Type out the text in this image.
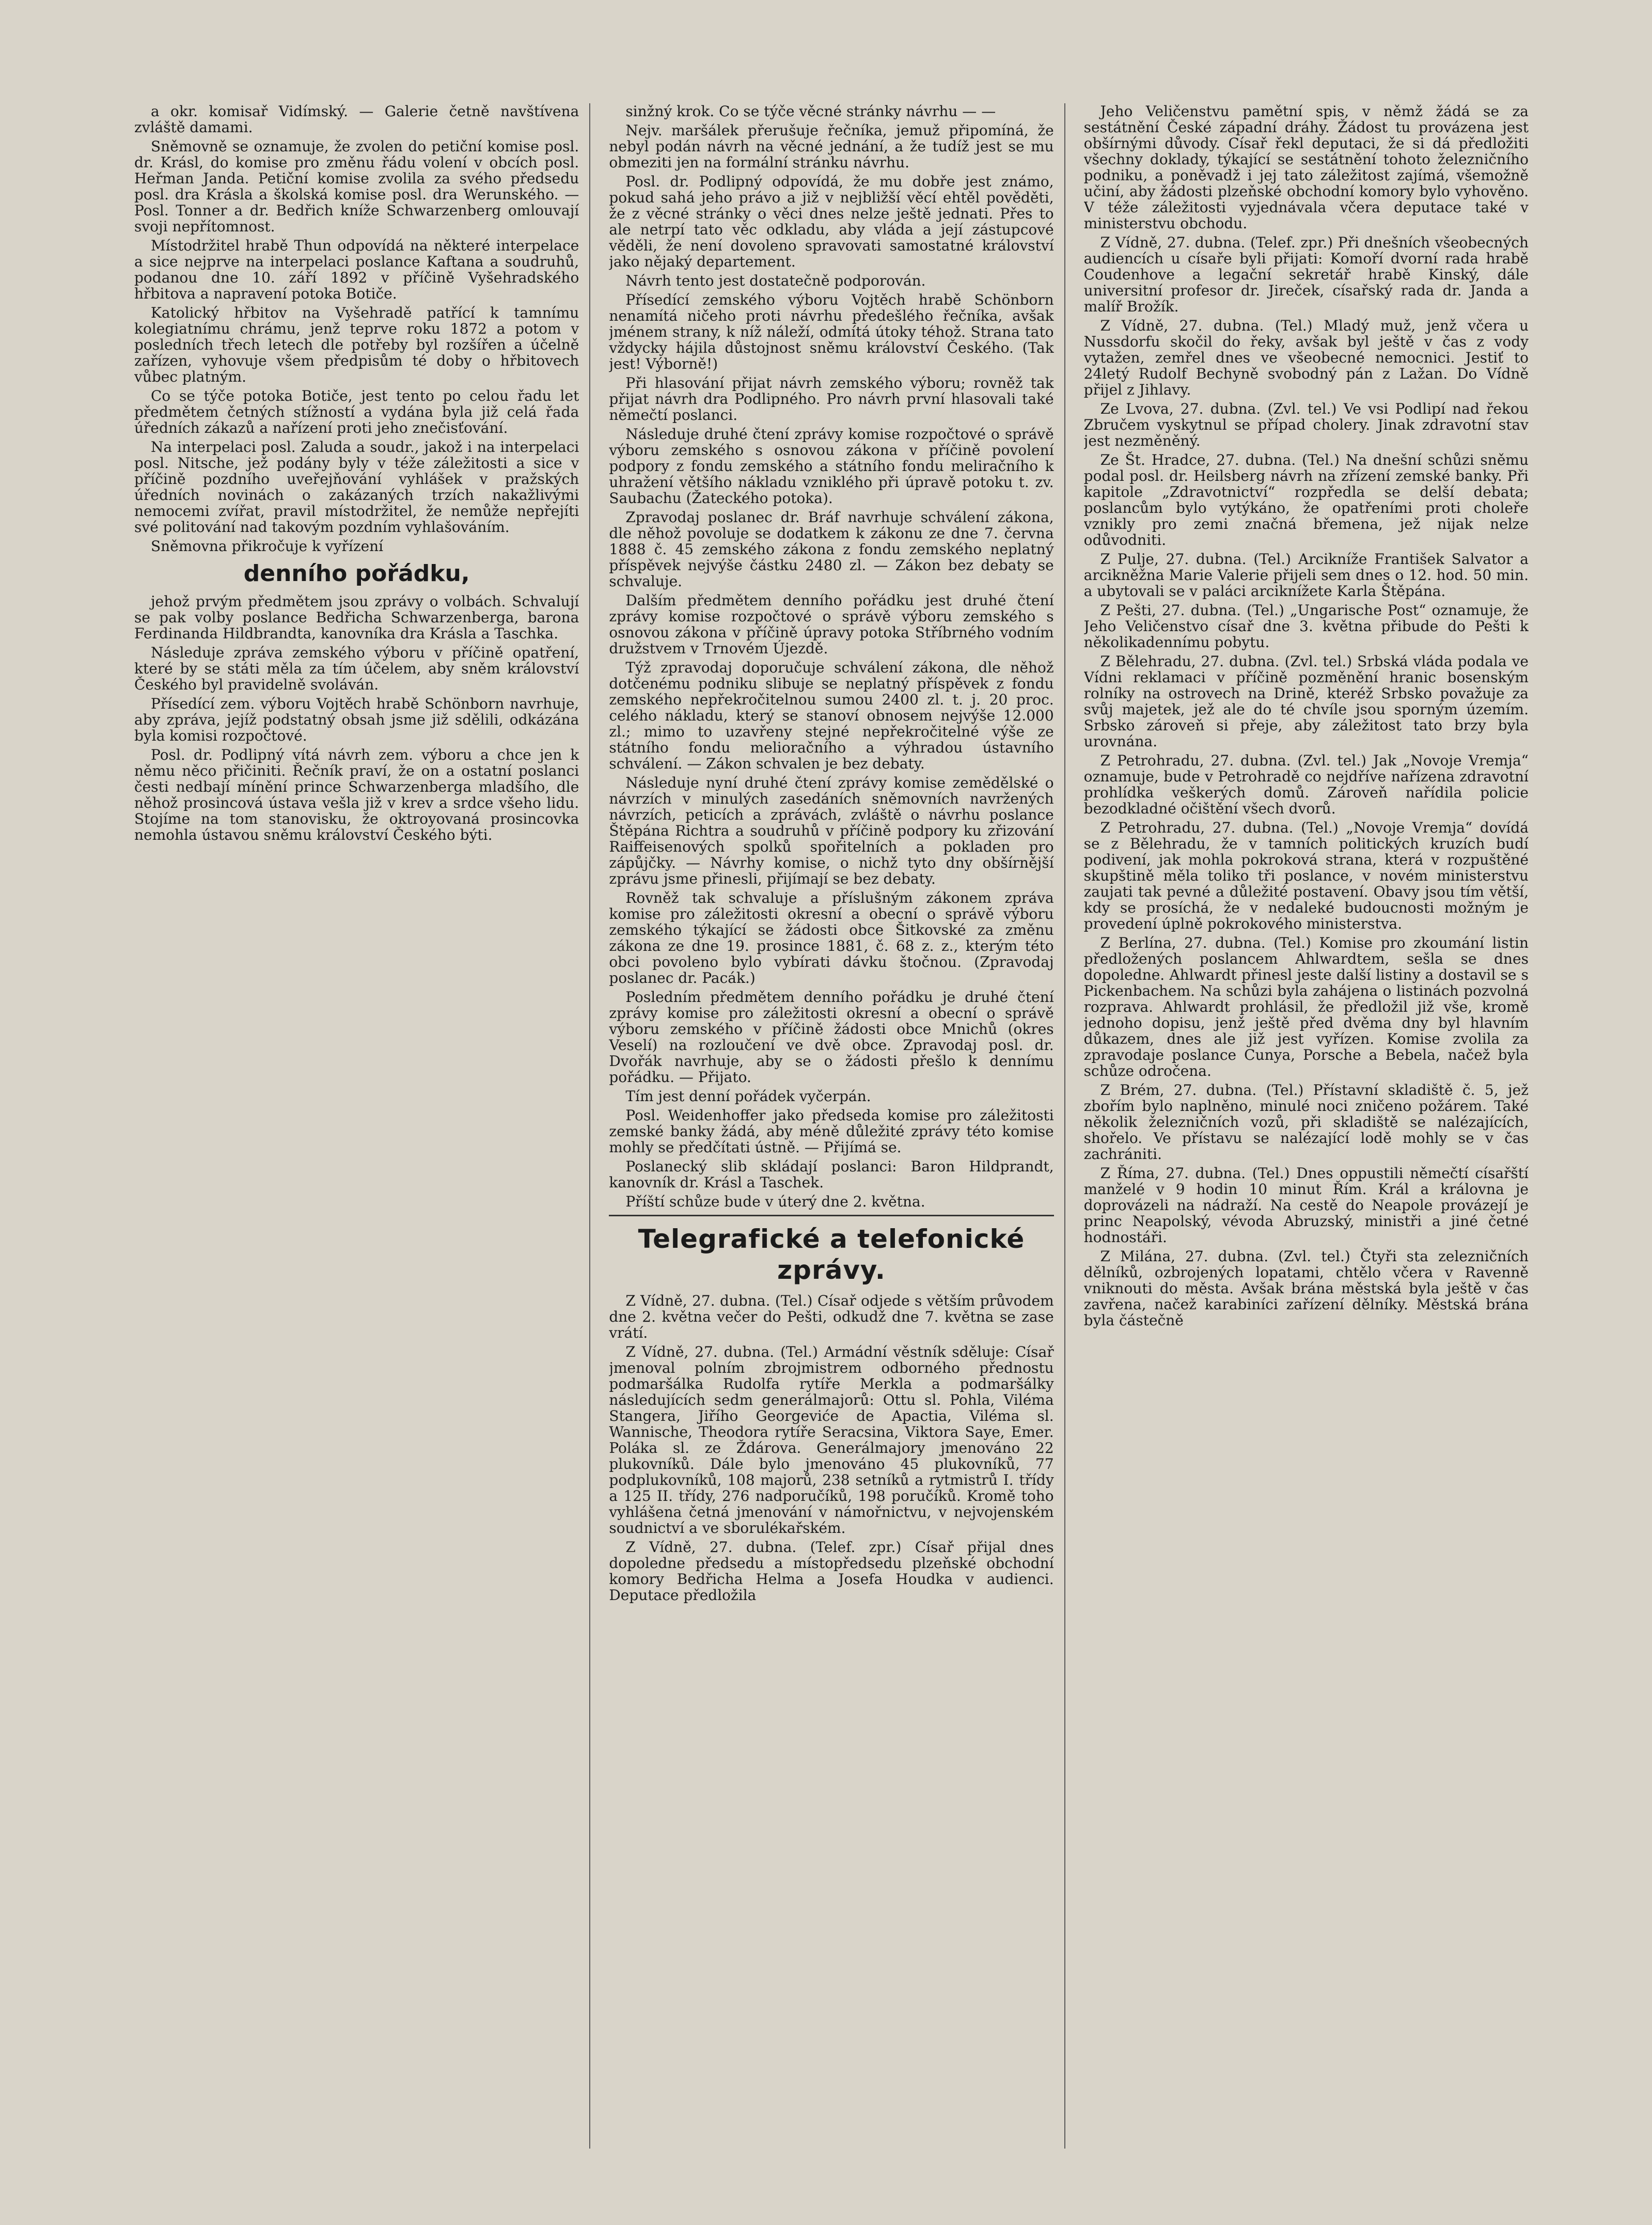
a okr. komisař Vidímský. — Galerie četně navštívena zvláště damami.

Sněmovně se oznamuje, že zvolen do petiční komise posl. dr. Krásl, do komise pro změnu řádu volení v obcích posl. Heřman Janda. Petiční komise zvolila za svého předsedu posl. dra Krásla a školská komise posl. dra Werunského. — Posl. Tonner a dr. Bedřich kníže Schwarzenberg omlouvají svoji nepřítomnost.

Místodržitel hrabě Thun odpovídá na některé interpelace a sice nejprve na interpelaci poslance Kaftana a soudruhů, podanou dne 10. září 1892 v příčině Vyšehradského hřbitova a napravení potoka Botiče.

Katolický hřbitov na Vyšehradě patřící k tamnímu kolegiatnímu chrámu, jenž teprve roku 1872 a potom v posledních třech letech dle potřeby byl rozšířen a účelně zařízen, vyhovuje všem předpisům té doby o hřbitovech vůbec platným.

Co se týče potoka Botiče, jest tento po celou řadu let předmětem četných stížností a vydána byla již celá řada úředních zákazů a nařízení proti jeho znečisťování.

Na interpelaci posl. Zaluda a soudr., jakož i na interpelaci posl. Nitsche, jež podány byly v téže záležitosti a sice v příčině pozdního uveřejňování vyhlášek v pražských úředních novinách o zakázaných trzích nakažlivými nemocemi zvířat, pravil místodržitel, že nemůže nepřejíti své politování nad takovým pozdním vyhlašováním.

Sněmovna přikročuje k vyřízení

denního pořádku,

jehož prvým předmětem jsou zprávy o volbách. Schvalují se pak volby poslance Bedřicha Schwarzenberga, barona Ferdinanda Hildbrandta, kanovníka dra Krásla a Taschka.

Následuje zpráva zemského výboru v příčině opatření, které by se státi měla za tím účelem, aby sněm království Českého byl pravidelně svoláván.

Přísedící zem. výboru Vojtěch hrabě Schönborn navrhuje, aby zpráva, jejíž podstatný obsah jsme již sdělili, odkázána byla komisi rozpočtové.

Posl. dr. Podlipný vítá návrh zem. výboru a chce jen k němu něco přičiniti. Řečník praví, že on a ostatní poslanci česti nedbají mínění prince Schwarzenberga mladšího, dle něhož prosincová ústava vešla již v krev a srdce všeho lidu. Stojíme na tom stanovisku, že oktroyovaná prosincovka nemohla ústavou sněmu království Českého býti.

sinžný krok. Co se týče věcné stránky návrhu — —

Nejv. maršálek přerušuje řečníka, jemuž připomíná, že nebyl podán návrh na věcné jednání, a že tudíž jest se mu obmeziti jen na formální stránku návrhu.

Posl. dr. Podlipný odpovídá, že mu dobře jest známo, pokud sahá jeho právo a již v nejbližší věcí ehtěl pověděti, že z věcné stránky o věci dnes nelze ještě jednati. Přes to ale netrpí tato věc odkladu, aby vláda a její zástupcové věděli, že není dovoleno spravovati samostatné království jako nějaký departement.

Návrh tento jest dostatečně podporován.

Přísedící zemského výboru Vojtěch hrabě Schönborn nenamítá ničeho proti návrhu předešlého řečníka, avšak jménem strany, k níž náleží, odmítá útoky téhož. Strana tato vždycky hájila důstojnost sněmu království Českého. (Tak jest! Výborně!)

Při hlasování přijat návrh zemského výboru; rovněž tak přijat návrh dra Podlipného. Pro návrh první hlasovali také němečtí poslanci.

Následuje druhé čtení zprávy komise rozpočtové o správě výboru zemského s osnovou zákona v příčině povolení podpory z fondu zemského a státního fondu meliračního k uhražení většího nákladu vzniklého při úpravě potoku t. zv. Saubachu (Žateckého potoka).

Zpravodaj poslanec dr. Bráf navrhuje schválení zákona, dle něhož povoluje se dodatkem k zákonu ze dne 7. června 1888 č. 45 zemského zákona z fondu zemského neplatný příspěvek nejvýše částku 2480 zl. — Zákon bez debaty se schvaluje.

Dalším předmětem denního pořádku jest druhé čtení zprávy komise rozpočtové o správě výboru zemského s osnovou zákona v příčině úpravy potoka Stříbrného vodním družstvem v Trnovém Újezdě.

Týž zpravodaj doporučuje schválení zákona, dle něhož dotčenému podniku slibuje se neplatný příspěvek z fondu zemského nepřekročitelnou sumou 2400 zl. t. j. 20 proc. celého nákladu, který se stanoví obnosem nejvýše 12.000 zl.; mimo to uzavřeny stejné nepřekročitelné výše ze státního fondu melioračního a výhradou ústavního schválení. — Zákon schvalen je bez debaty.

Následuje nyní druhé čtení zprávy komise zemědělské o návrzích v minulých zasedáních sněmovních navržených návrzích, peticích a zprávách, zvláště o návrhu poslance Štěpána Richtra a soudruhů v příčině podpory ku zřizování Raiffeisenových spolků spořitelních a pokladen pro zápůjčky. — Návrhy komise, o nichž tyto dny obšírnější zprávu jsme přinesli, přijímají se bez debaty.

Rovněž tak schvaluje a příslušným zákonem zpráva komise pro záležitosti okresní a obecní o správě výboru zemského týkající se žádosti obce Šitkovské za změnu zákona ze dne 19. prosince 1881, č. 68 z. z., kterým této obci povoleno bylo vybírati dávku štočnou. (Zpravodaj poslanec dr. Pacák.)

Posledním předmětem denního pořádku je druhé čtení zprávy komise pro záležitosti okresní a obecní o správě výboru zemského v příčině žádosti obce Mnichů (okres Veselí) na rozloučení ve dvě obce. Zpravodaj posl. dr. Dvořák navrhuje, aby se o žádosti přešlo k dennímu pořádku. — Přijato.

Tím jest denní pořádek vyčerpán.

Posl. Weidenhoffer jako předseda komise pro záležitosti zemské banky žádá, aby méně důležité zprávy této komise mohly se předčítati ústně. — Přijímá se.

Poslanecký slib skládají poslanci: Baron Hildprandt, kanovník dr. Krásl a Taschek.

Příští schůze bude v úterý dne 2. května.

Telegrafické a telefonické zprávy.

Z Vídně, 27. dubna. (Tel.) Císař odjede s větším průvodem dne 2. května večer do Pešti, odkudž dne 7. května se zase vrátí.

Z Vídně, 27. dubna. (Tel.) Armádní věstník sděluje: Císař jmenoval polním zbrojmistrem odborného přednostu podmaršálka Rudolfa rytíře Merkla a podmaršálky následujících sedm generálmajorů: Ottu sl. Pohla, Viléma Stangera, Jiřího Georgeviće de Apactia, Viléma sl. Wannische, Theodora rytíře Seracsina, Viktora Saye, Emer. Poláka sl. ze Ždárova. Generálmajory jmenováno 22 plukovníků. Dále bylo jmenováno 45 plukovníků, 77 podplukovníků, 108 majorů, 238 setníků a rytmistrů I. třídy a 125 II. třídy, 276 nadporučíků, 198 poručíků. Kromě toho vyhlášena četná jmenování v námořnictvu, v nejvojenském soudnictví a ve sborulékařském.

Z Vídně, 27. dubna. (Telef. zpr.) Císař přijal dnes dopoledne předsedu a místopředsedu plzeňské obchodní komory Bedřicha Helma a Josefa Houdka v audienci. Deputace předložila

Jeho Veličenstvu pamětní spis, v němž žádá se za sestátnění České západní dráhy. Žádost tu provázena jest obšírnými důvody. Císař řekl deputaci, že si dá předložiti všechny doklady, týkající se sestátnění tohoto železničního podniku, a poněvadž i jej tato záležitost zajímá, všemožně učiní, aby žádosti plzeňské obchodní komory bylo vyhověno. V téže záležitosti vyjednávala včera deputace také v ministerstvu obchodu.

Z Vídně, 27. dubna. (Telef. zpr.) Při dnešních všeobecných audiencích u císaře byli přijati: Komoří dvorní rada hrabě Coudenhove a legační sekretář hrabě Kinský, dále universitní profesor dr. Jireček, císařský rada dr. Janda a malíř Brožík.

Z Vídně, 27. dubna. (Tel.) Mladý muž, jenž včera u Nussdorfu skočil do řeky, avšak byl ještě v čas z vody vytažen, zemřel dnes ve všeobecné nemocnici. Jestiť to 24letý Rudolf Bechyně svobodný pán z Lažan. Do Vídně přijel z Jihlavy.

Ze Lvova, 27. dubna. (Zvl. tel.) Ve vsi Podlipí nad řekou Zbručem vyskytnul se případ cholery. Jinak zdravotní stav jest nezměněný.

Ze Št. Hradce, 27. dubna. (Tel.) Na dnešní schůzi sněmu podal posl. dr. Heilsberg návrh na zřízení zemské banky. Při kapitole „Zdravotnictví“ rozpředla se delší debata; poslancům bylo vytýkáno, že opatřeními proti choleře vznikly pro zemi značná břemena, jež nijak nelze odůvodniti.

Z Pulje, 27. dubna. (Tel.) Arcikníže František Salvator a arcikněžna Marie Valerie přijeli sem dnes o 12. hod. 50 min. a ubytovali se v paláci arciknížete Karla Štěpána.

Z Pešti, 27. dubna. (Tel.) „Ungarische Post“ oznamuje, že Jeho Veličenstvo císař dne 3. května přibude do Pešti k několikadennímu pobytu.

Z Bělehradu, 27. dubna. (Zvl. tel.) Srbská vláda podala ve Vídni reklamaci v příčině pozměnění hranic bosenským rolníky na ostrovech na Drině, kteréž Srbsko považuje za svůj majetek, jež ale do té chvíle jsou sporným územím. Srbsko zároveň si přeje, aby záležitost tato brzy byla urovnána.

Z Petrohradu, 27. dubna. (Zvl. tel.) Jak „Novoje Vremja“ oznamuje, bude v Petrohradě co nejdříve nařízena zdravotní prohlídka veškerých domů. Zároveň nařídila policie bezodkladné očištění všech dvorů.

Z Petrohradu, 27. dubna. (Tel.) „Novoje Vremja“ dovídá se z Bělehradu, že v tamních politických kruzích budí podivení, jak mohla pokroková strana, která v rozpuštěné skupštině měla toliko tři poslance, v novém ministerstvu zaujati tak pevné a důležité postavení. Obavy jsou tím větší, kdy se prosíchá, že v nedaleké budoucnosti možným je provedení úplně pokrokového ministerstva.

Z Berlína, 27. dubna. (Tel.) Komise pro zkoumání listin předložených poslancem Ahlwardtem, sešla se dnes dopoledne. Ahlwardt přinesl jeste další listiny a dostavil se s Pickenbachem. Na schůzi byla zahájena o listinách pozvolná rozprava. Ahlwardt prohlásil, že předložil již vše, kromě jednoho dopisu, jenž ještě před dvěma dny byl hlavním důkazem, dnes ale již jest vyřízen. Komise zvolila za zpravodaje poslance Cunya, Porsche a Bebela, načež byla schůze odročena.

Z Brém, 27. dubna. (Tel.) Přístavní skladiště č. 5, jež zbořím bylo naplněno, minulé noci zničeno požárem. Také několik železničních vozů, při skladiště se nalézajících, shořelo. Ve přístavu se nalézající lodě mohly se v čas zachrániti.

Z Říma, 27. dubna. (Tel.) Dnes oppustili němečtí císařští manželé v 9 hodin 10 minut Řím. Král a královna je doprovázeli na nádraží. Na cestě do Neapole provázejí je princ Neapolský, vévoda Abruzský, ministři a jiné četné hodnostáři.

Z Milána, 27. dubna. (Zvl. tel.) Čtyři sta zelezničních dělníků, ozbrojených lopatami, chtělo včera v Ravenně vniknouti do města. Avšak brána městská byla ještě v čas zavřena, načež karabiníci zařízení dělníky. Městská brána byla částečně
